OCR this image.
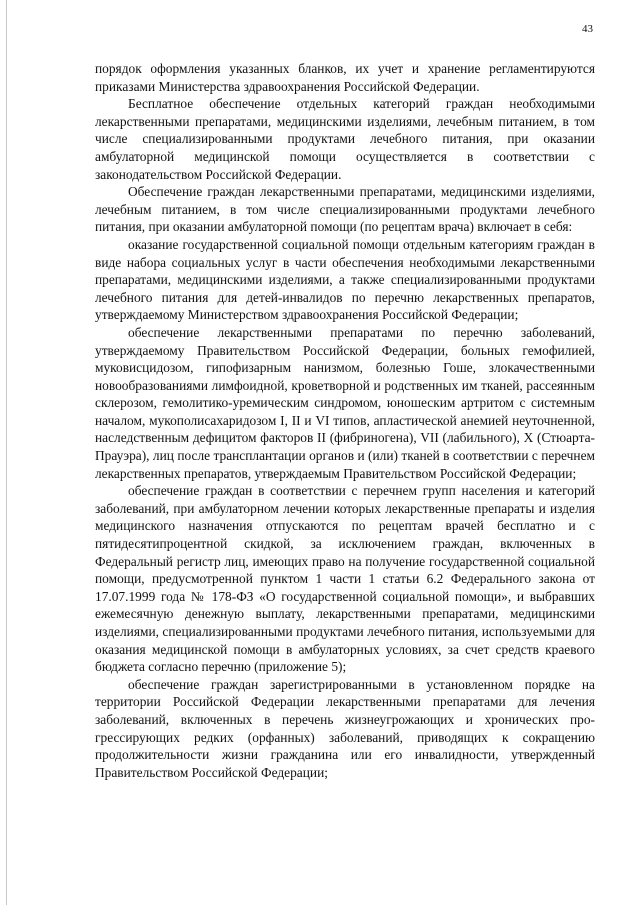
43

порядок оформления указанных бланков, их учет и хранение регламентируются приказами Министерства здравоохранения Российской Федерации.

Бесплатное обеспечение отдельных категорий граждан необходимыми лекарственными препаратами, медицинскими изделиями, лечебным питанием, в том числе специализированными продуктами лечебного питания, при оказании амбулаторной медицинской помощи осуществляется в соответствии с законодательством Российской Федерации.

Обеспечение граждан лекарственными препаратами, медицинскими изделиями, лечебным питанием, в том числе специализированными продуктами лечебного питания, при оказании амбулаторной помощи (по рецептам врача) включает в себя:

оказание государственной социальной помощи отдельным категориям граждан в виде набора социальных услуг в части обеспечения необходимыми лекарственными препаратами, медицинскими изделиями, а также специализированными продуктами лечебного питания для детей-инвалидов по перечню лекарственных препаратов, утверждаемому Министерством здравоохранения Российской Федерации;

обеспечение лекарственными препаратами по перечню заболеваний, утверждаемому Правительством Российской Федерации, больных гемофилией, муковисцидозом, гипофизарным нанизмом, болезнью Гоше, злокачественными новообразованиями лимфоидной, кроветворной и родственных им тканей, рассеянным склерозом, гемолитико-уремическим синдромом, юношеским артритом с системным началом, мукополисахаридозом I, II и VI типов, апластической анемией неуточненной, наследственным дефицитом факторов II (фибриногена), VII (лабильного), X (Стюарта-Прауэра), лиц после трансплантации органов и (или) тканей в соответствии с перечнем лекарственных препаратов, утверждаемым Правительством Российской Федерации;

обеспечение граждан в соответствии с перечнем групп населения и категорий заболеваний, при амбулаторном лечении которых лекарственные препараты и изделия медицинского назначения отпускаются по рецептам врачей бесплатно и с пятидесятипроцентной скидкой, за исключением граждан, включенных в Федеральный регистр лиц, имеющих право на получение государственной социальной помощи, предусмотренной пунктом 1 части 1 статьи 6.2 Федерального закона от 17.07.1999 года № 178-ФЗ «О государственной социальной помощи», и выбравших ежемесячную денежную выплату, лекарственными препаратами, медицинскими изделиями, специализированными продуктами лечебного питания, используемыми для оказания медицинской помощи в амбулаторных условиях, за счет средств краевого бюджета согласно перечню (приложение 5);

обеспечение граждан зарегистрированными в установленном порядке на территории Российской Федерации лекарственными препаратами для лечения заболеваний, включенных в перечень жизнеугрожающих и хронических прогрессирующих редких (орфанных) заболеваний, приводящих к сокращению продолжительности жизни гражданина или его инвалидности, утвержденный Правительством Российской Федерации;
